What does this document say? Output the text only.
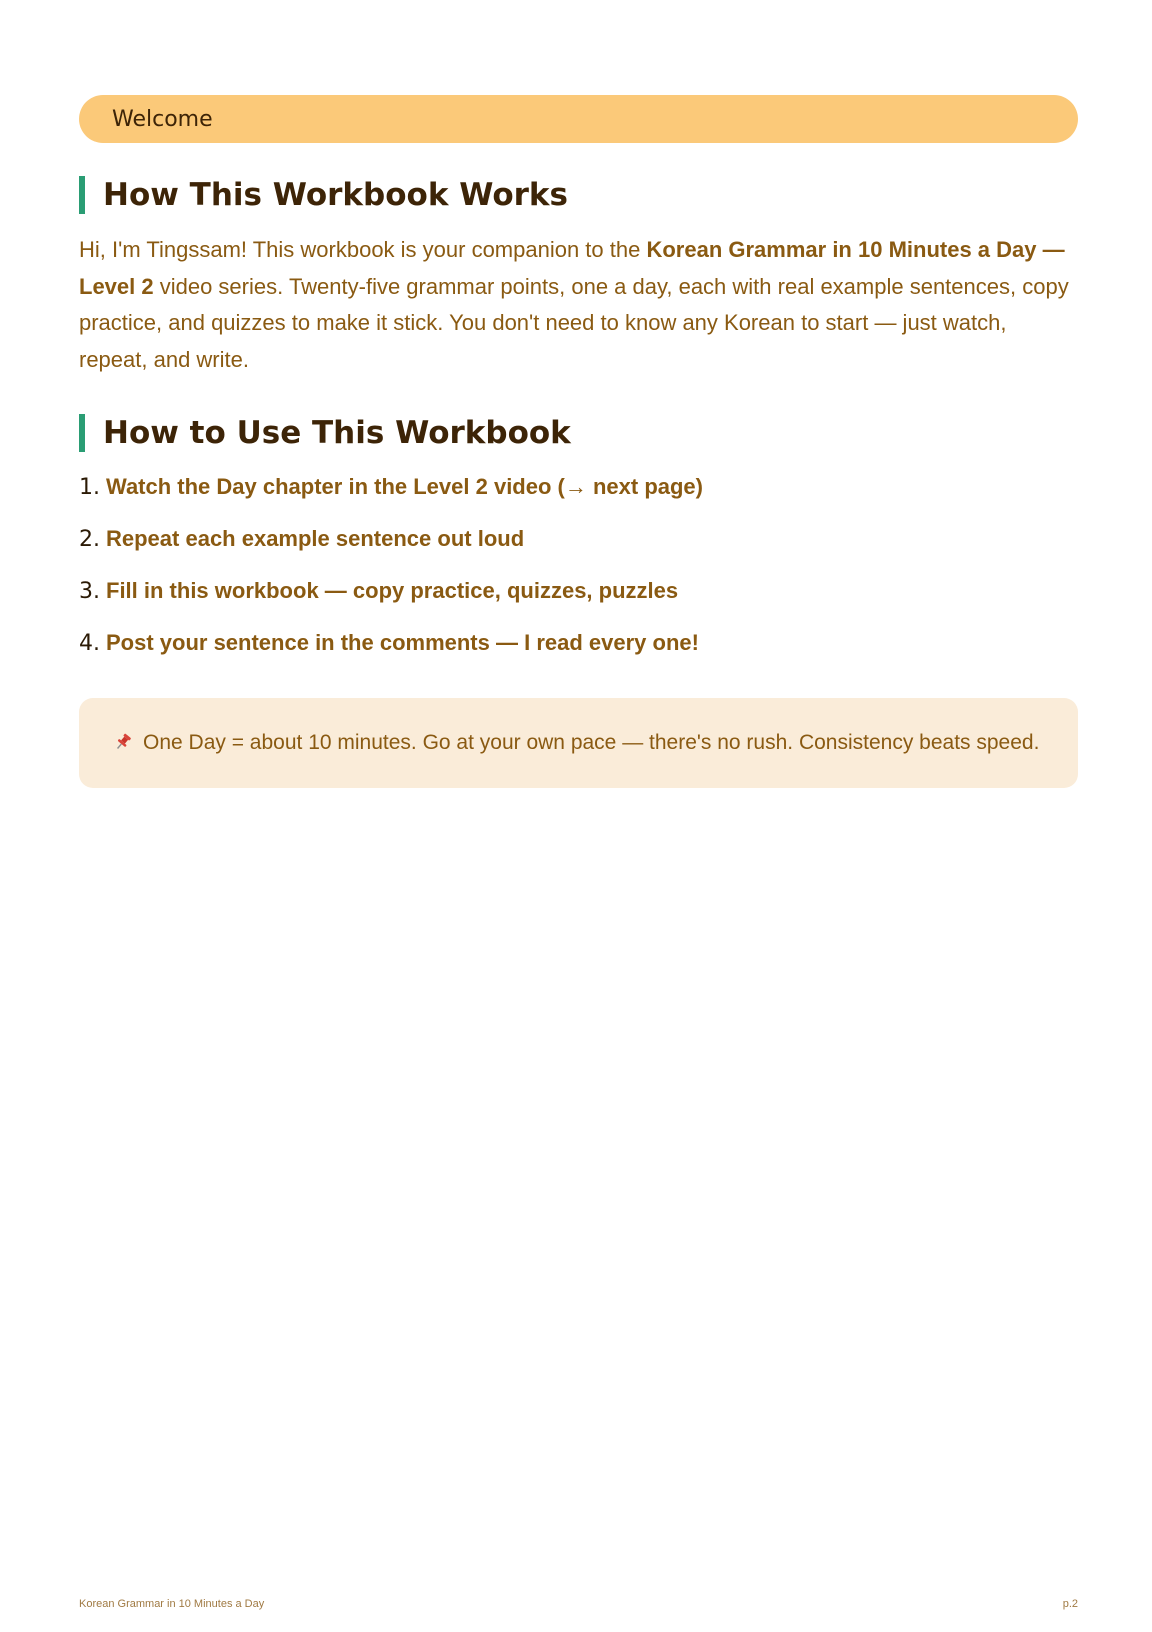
Welcome
How This Workbook Works

Hi, I'm Tingssam! This workbook is your companion to the Korean Grammar in 10 Minutes a Day — Level 2 video series. Twenty-five grammar points, one a day, each with real example sentences, copy practice, and quizzes to make it stick. You don't need to know any Korean to start — just watch, repeat, and write.

How to Use This Workbook
1. Watch the Day chapter in the Level 2 video (→ next page)
2. Repeat each example sentence out loud
3. Fill in this workbook — copy practice, quizzes, puzzles
4. Post your sentence in the comments — I read every one!
One Day = about 10 minutes. Go at your own pace — there's no rush. Consistency beats speed.
Korean Grammar in 10 Minutes a Day	p.2
